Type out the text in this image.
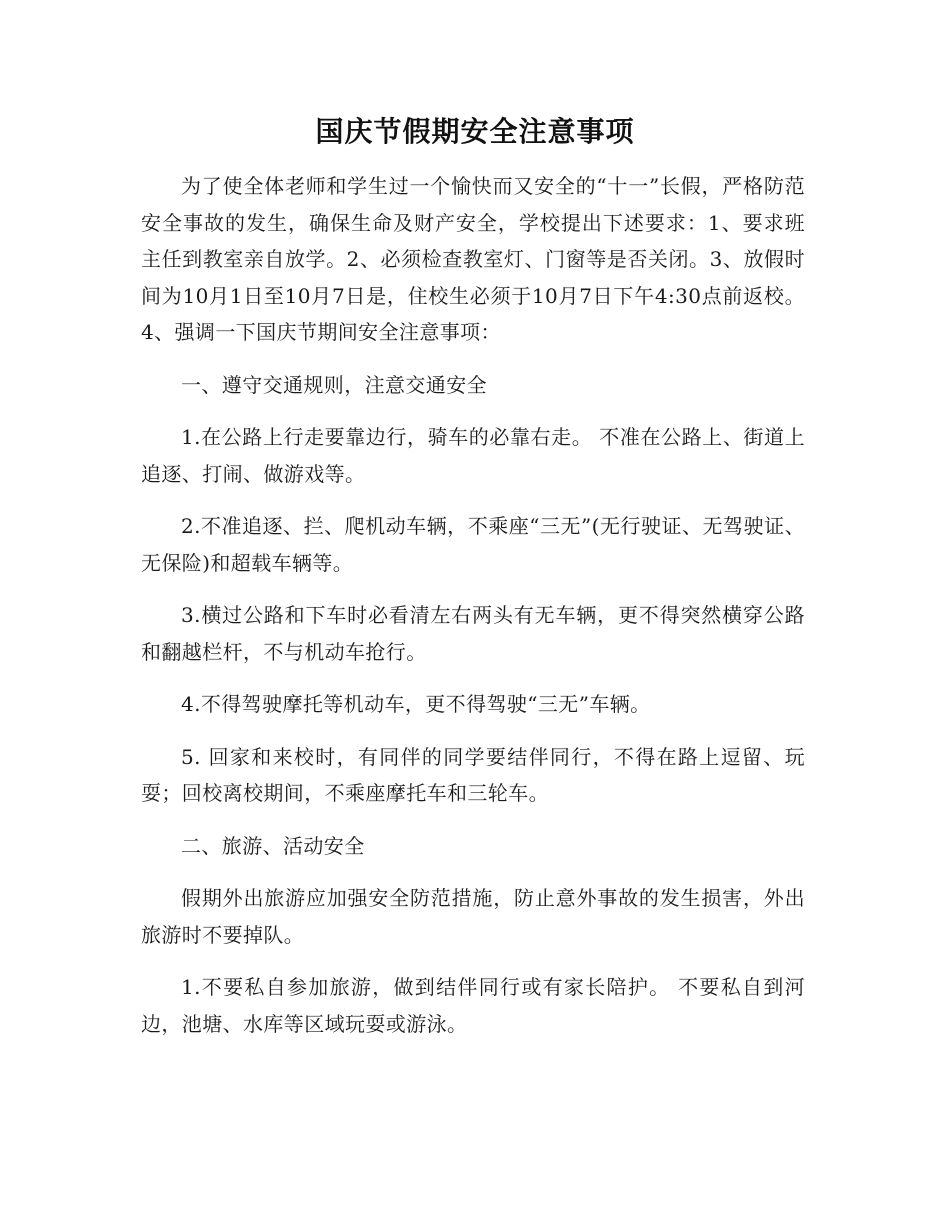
国庆节假期安全注意事项

为了使全体老师和学生过一个愉快而又安全的“十一”长假，严格防范安全事故的发生，确保生命及财产安全，学校提出下述要求：1、要求班主任到教室亲自放学。2、必须检查教室灯、门窗等是否关闭。3、放假时间为10月1日至10月7日是，住校生必须于10月7日下午4:30点前返校。4、强调一下国庆节期间安全注意事项：

一、遵守交通规则，注意交通安全

1.在公路上行走要靠边行，骑车的必靠右走。 不准在公路上、街道上追逐、打闹、做游戏等。

2.不准追逐、拦、爬机动车辆，不乘座“三无”(无行驶证、无驾驶证、无保险)和超载车辆等。

3.横过公路和下车时必看清左右两头有无车辆，更不得突然横穿公路和翻越栏杆，不与机动车抢行。

4.不得驾驶摩托等机动车，更不得驾驶“三无”车辆。

5. 回家和来校时，有同伴的同学要结伴同行，不得在路上逗留、玩耍；回校离校期间，不乘座摩托车和三轮车。

二、旅游、活动安全

假期外出旅游应加强安全防范措施，防止意外事故的发生损害，外出旅游时不要掉队。

1.不要私自参加旅游，做到结伴同行或有家长陪护。 不要私自到河边，池塘、水库等区域玩耍或游泳。
